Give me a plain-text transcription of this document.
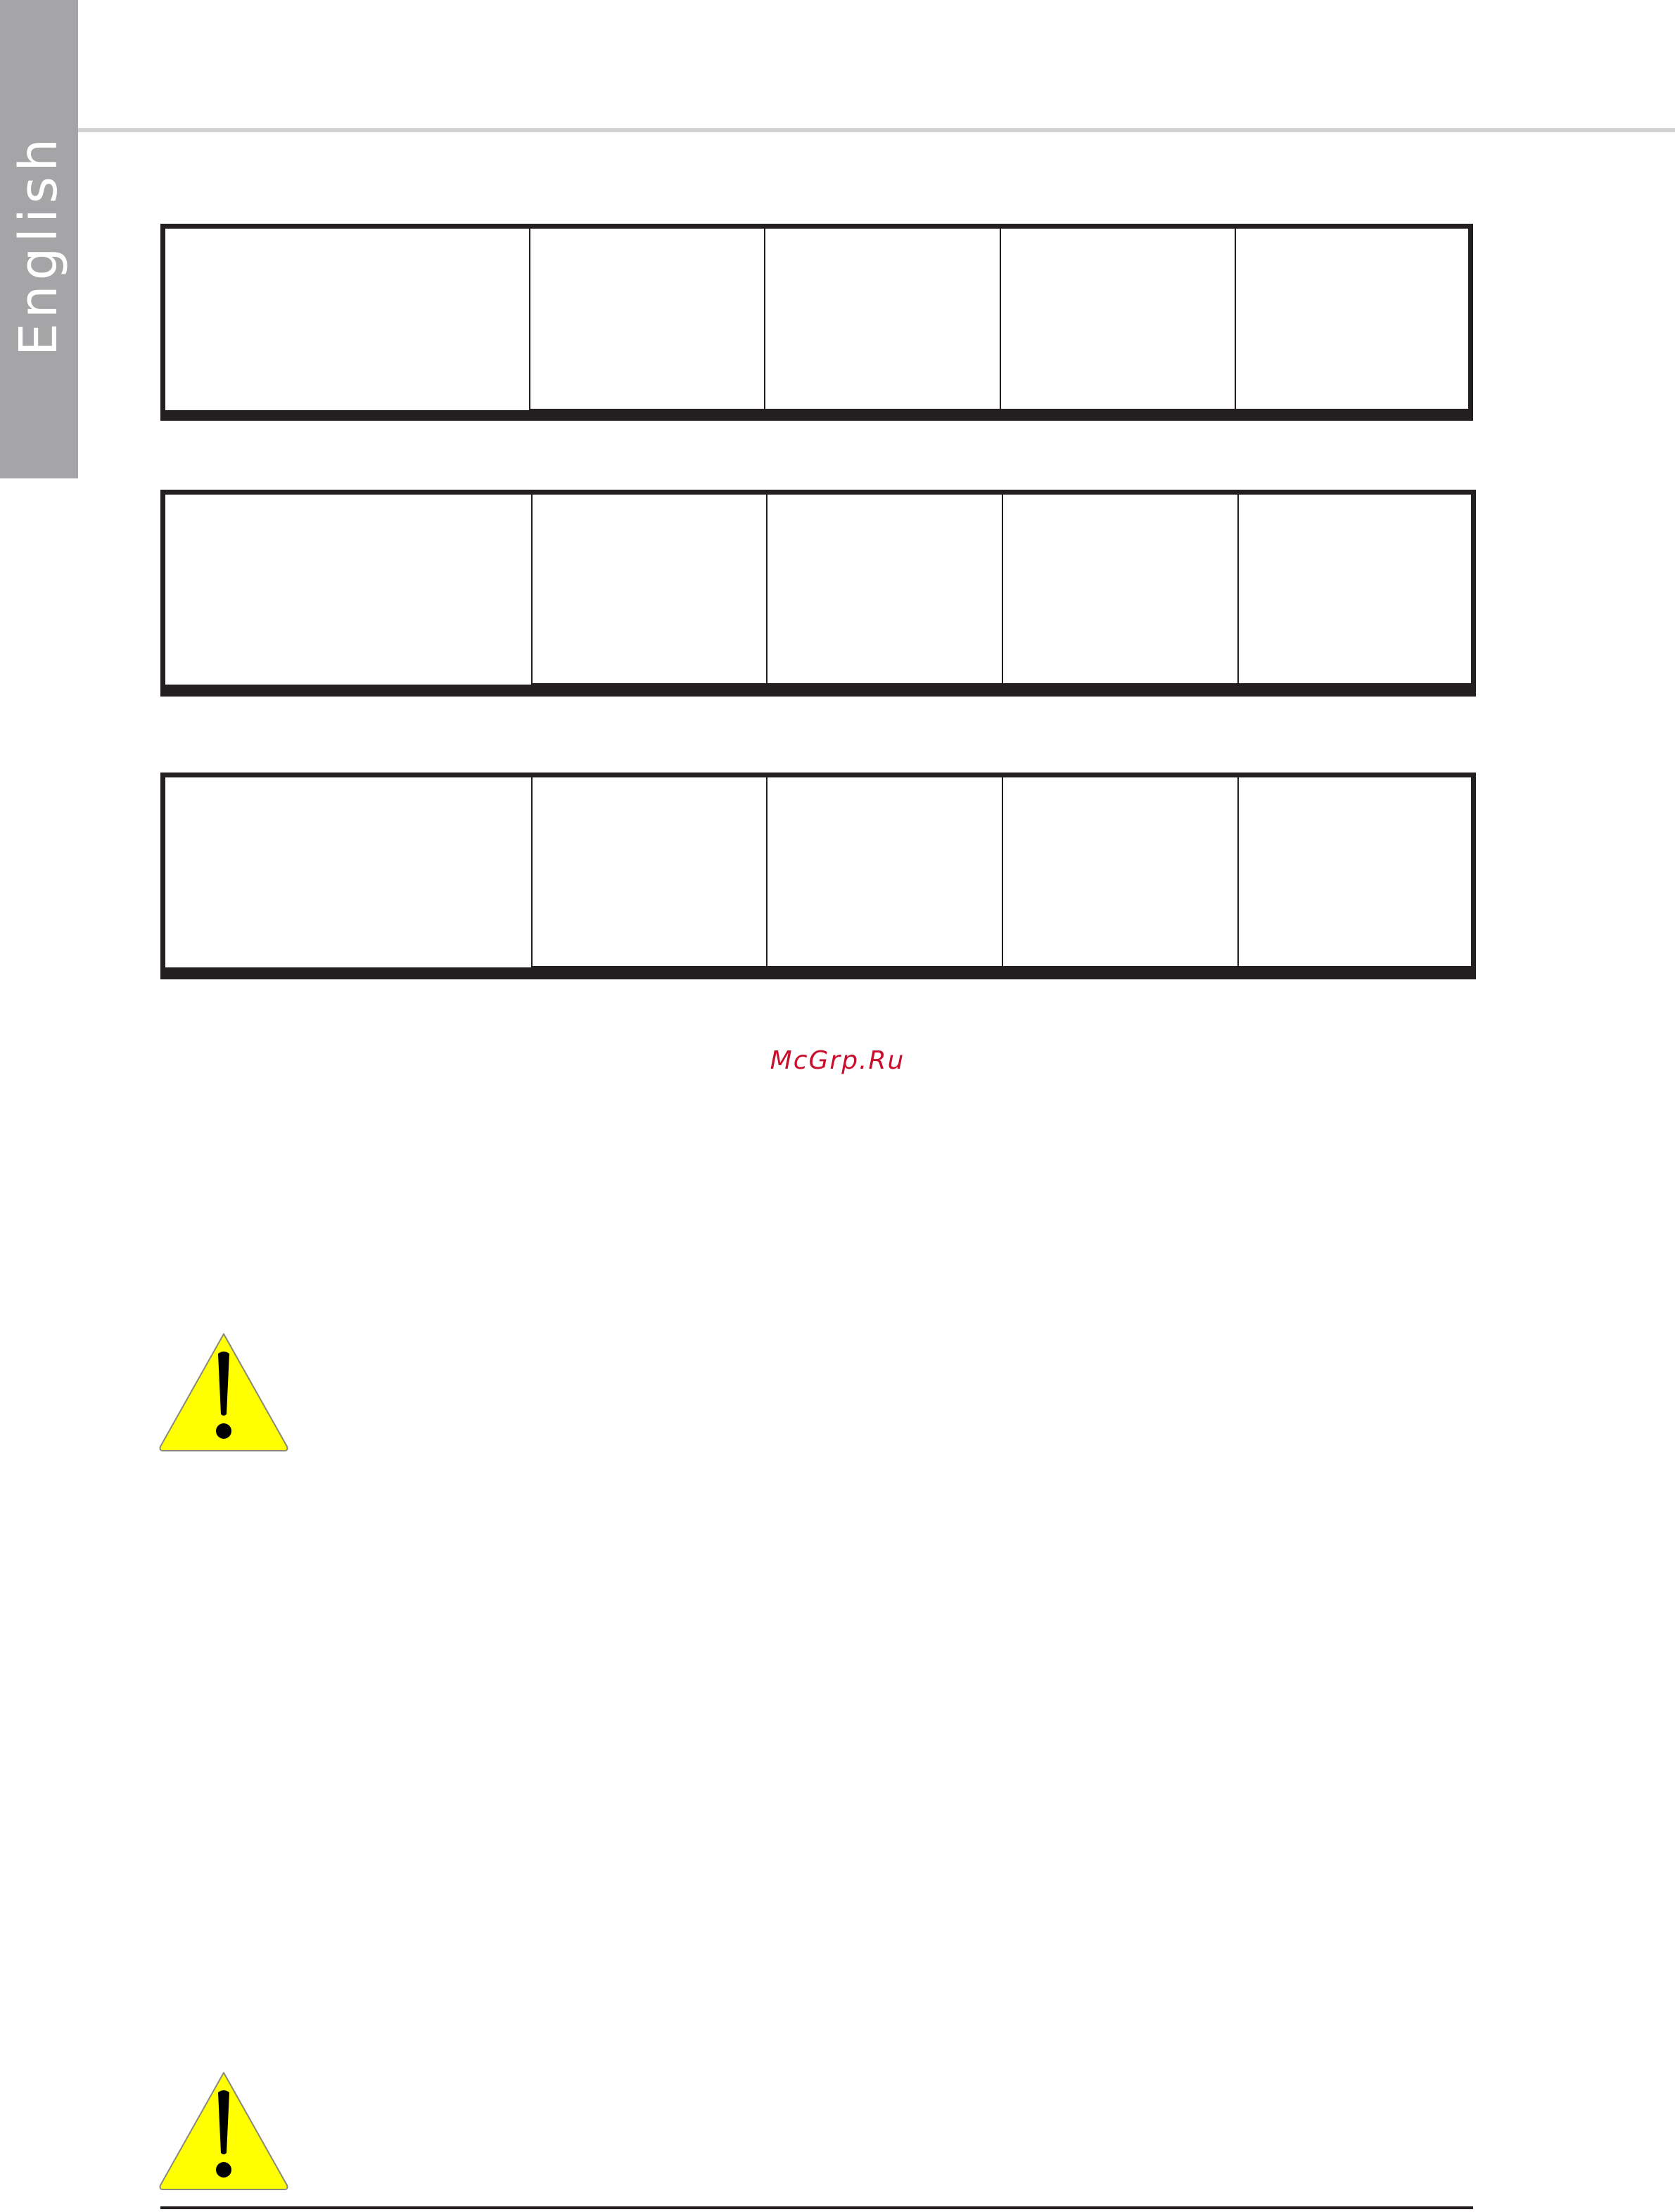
English

McGrp.Ru
